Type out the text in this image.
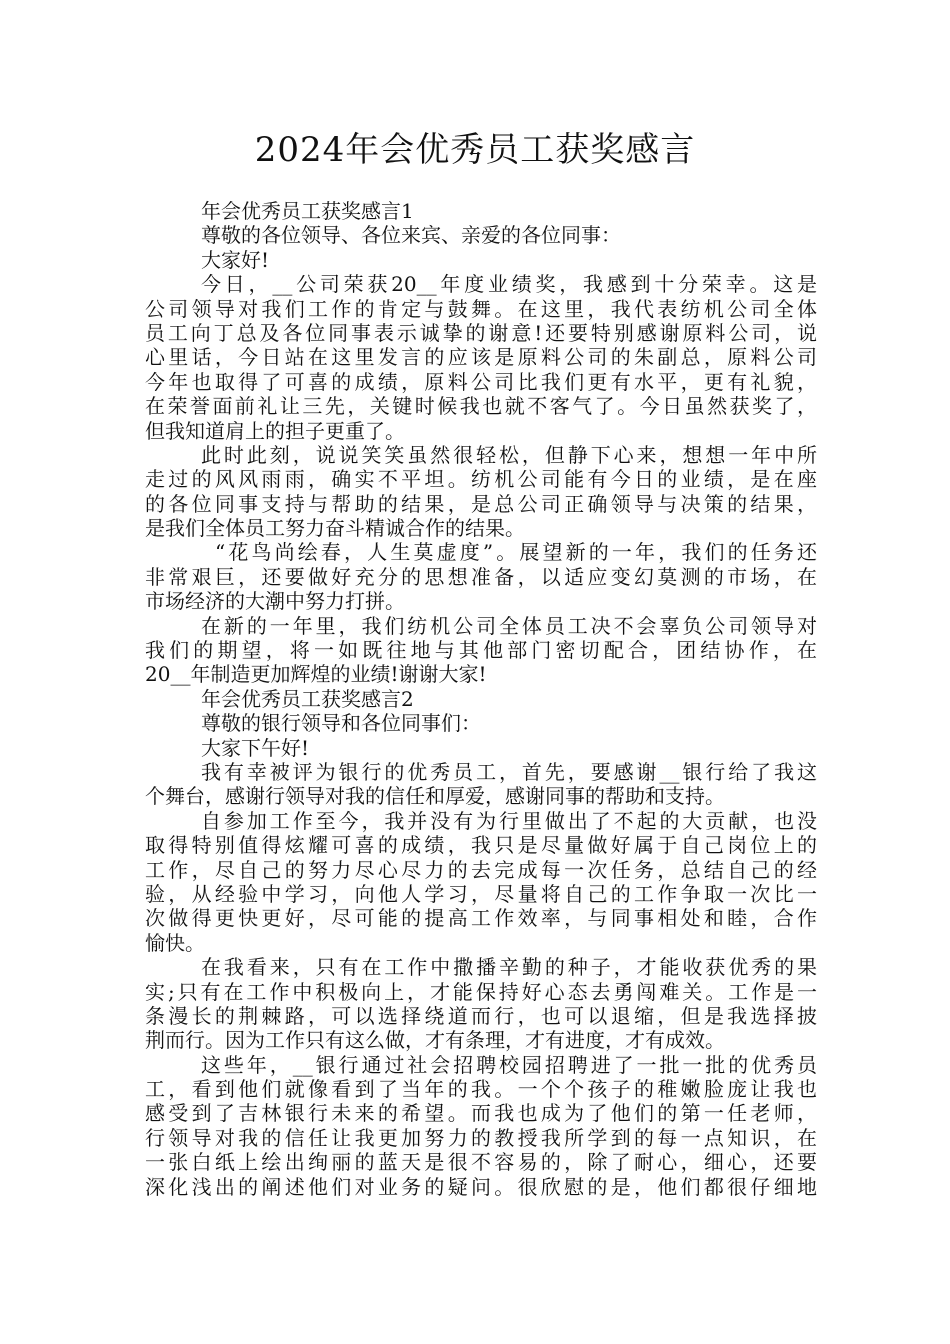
2024年会优秀员工获奖感言
年会优秀员工获奖感言1
尊敬的各位领导、各位来宾、亲爱的各位同事：
大家好!
今日，__公司荣获20__年度业绩奖，我感到十分荣幸。这是
公司领导对我们工作的肯定与鼓舞。在这里，我代表纺机公司全体
员工向丁总及各位同事表示诚挚的谢意!还要特别感谢原料公司，说
心里话，今日站在这里发言的应该是原料公司的朱副总，原料公司
今年也取得了可喜的成绩，原料公司比我们更有水平，更有礼貌，
在荣誉面前礼让三先，关键时候我也就不客气了。今日虽然获奖了，
但我知道肩上的担子更重了。
此时此刻，说说笑笑虽然很轻松，但静下心来，想想一年中所
走过的风风雨雨，确实不平坦。纺机公司能有今日的业绩，是在座
的各位同事支持与帮助的结果，是总公司正确领导与决策的结果，
是我们全体员工努力奋斗精诚合作的结果。
“花鸟尚绘春，人生莫虚度”。展望新的一年，我们的任务还
非常艰巨，还要做好充分的思想准备，以适应变幻莫测的市场，在
市场经济的大潮中努力打拼。
在新的一年里，我们纺机公司全体员工决不会辜负公司领导对
我们的期望，将一如既往地与其他部门密切配合，团结协作，在
20__年制造更加辉煌的业绩!谢谢大家!
年会优秀员工获奖感言2
尊敬的银行领导和各位同事们：
大家下午好!
我有幸被评为银行的优秀员工，首先，要感谢__银行给了我这
个舞台，感谢行领导对我的信任和厚爱，感谢同事的帮助和支持。
自参加工作至今，我并没有为行里做出了不起的大贡献，也没
取得特别值得炫耀可喜的成绩，我只是尽量做好属于自己岗位上的
工作，尽自己的努力尽心尽力的去完成每一次任务，总结自己的经
验，从经验中学习，向他人学习，尽量将自己的工作争取一次比一
次做得更快更好，尽可能的提高工作效率，与同事相处和睦，合作
愉快。
在我看来，只有在工作中撒播辛勤的种子，才能收获优秀的果
实;只有在工作中积极向上，才能保持好心态去勇闯难关。工作是一
条漫长的荆棘路，可以选择绕道而行，也可以退缩，但是我选择披
荆而行。因为工作只有这么做，才有条理，才有进度，才有成效。
这些年，__银行通过社会招聘校园招聘进了一批一批的优秀员
工，看到他们就像看到了当年的我。一个个孩子的稚嫩脸庞让我也
感受到了吉林银行未来的希望。而我也成为了他们的第一任老师，
行领导对我的信任让我更加努力的教授我所学到的每一点知识，在
一张白纸上绘出绚丽的蓝天是很不容易的，除了耐心，细心，还要
深化浅出的阐述他们对业务的疑问。很欣慰的是，他们都很仔细地
